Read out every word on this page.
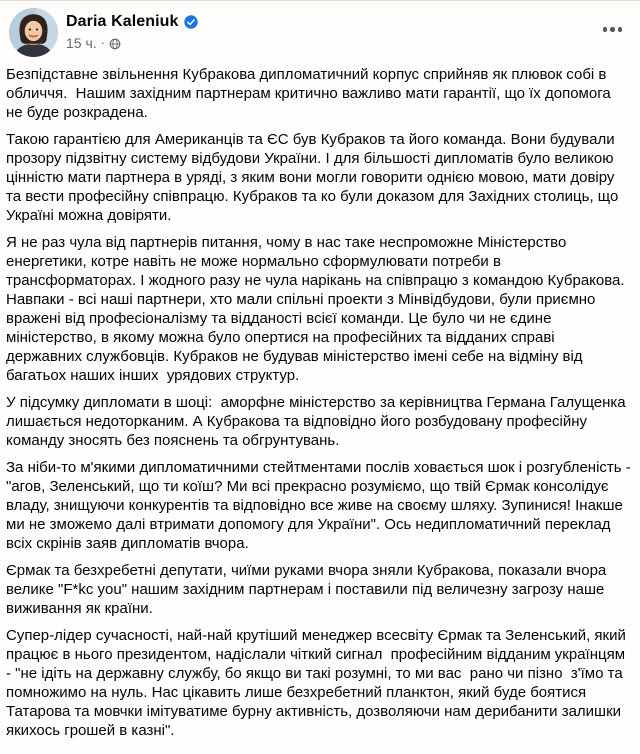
Daria Kaleniuk
15 ч. ·

Безпідставне звільнення Кубракова дипломатичний корпус сприйняв як плювок собі в обличчя.  Нашим західним партнерам критично важливо мати гарантії, що їх допомога не буде розкрадена.

Такою гарантією для Американців та ЄС був Кубраков та його команда. Вони будували прозору підзвітну систему відбудови України. І для більшості дипломатів було великою цінністю мати партнера в уряді, з яким вони могли говорити однією мовою, мати довіру та вести професійну співпрацю. Кубраков та ко були доказом для Західних столиць, що Україні можна довіряти.

Я не раз чула від партнерів питання, чому в нас таке неспроможне Міністерство енергетики, котре навіть не може нормально сформулювати потреби в трансформаторах. І жодного разу не чула нарікань на співпрацю з командою Кубракова. Навпаки - всі наші партнери, хто мали спільні проекти з Мінвідбудови, були приємно вражені від професіоналізму та відданості всієї команди. Це було чи не єдине міністерство, в якому можна було опертися на професійних та відданих справі державних службовців. Кубраков не будував міністерство імені себе на відміну від багатьох наших інших  урядових структур.

У підсумку дипломати в шоці:  аморфне міністерство за керівництва Германа Галущенка лишається недоторканим. А Кубракова та відповідно його розбудовану професійну команду зносять без пояснень та обгрунтувань.

За ніби-то м'якими дипломатичними стейтментами послів ховається шок і розгубленість - "агов, Зеленський, що ти коїш? Ми всі прекрасно розуміємо, що твій Єрмак консолідує владу, знищуючи конкурентів та відповідно все живе на своєму шляху. Зупинися! Інакше ми не зможемо далі втримати допомогу для України". Ось недипломатичний переклад всіх скрінів заяв дипломатів вчора.

Єрмак та безхребетні депутати, чиїми руками вчора зняли Кубракова, показали вчора велике "F*kc you" нашим західним партнерам і поставили під величезну загрозу наше виживання як країни.

Супер-лідер сучасності, най-най крутіший менеджер всесвіту Єрмак та Зеленський, який працює в нього президентом, надіслали чіткий сигнал  професійним відданим українцям - "не ідіть на державну службу, бо якщо ви такі розумні, то ми вас  рано чи пізно  з'їмо та помножимо на нуль. Нас цікавить лише безхребетний планктон, який буде боятися Татарова та мовчки імітуватиме бурну активність, дозволяючи нам дерибанити залишки якихось грошей в казні".
